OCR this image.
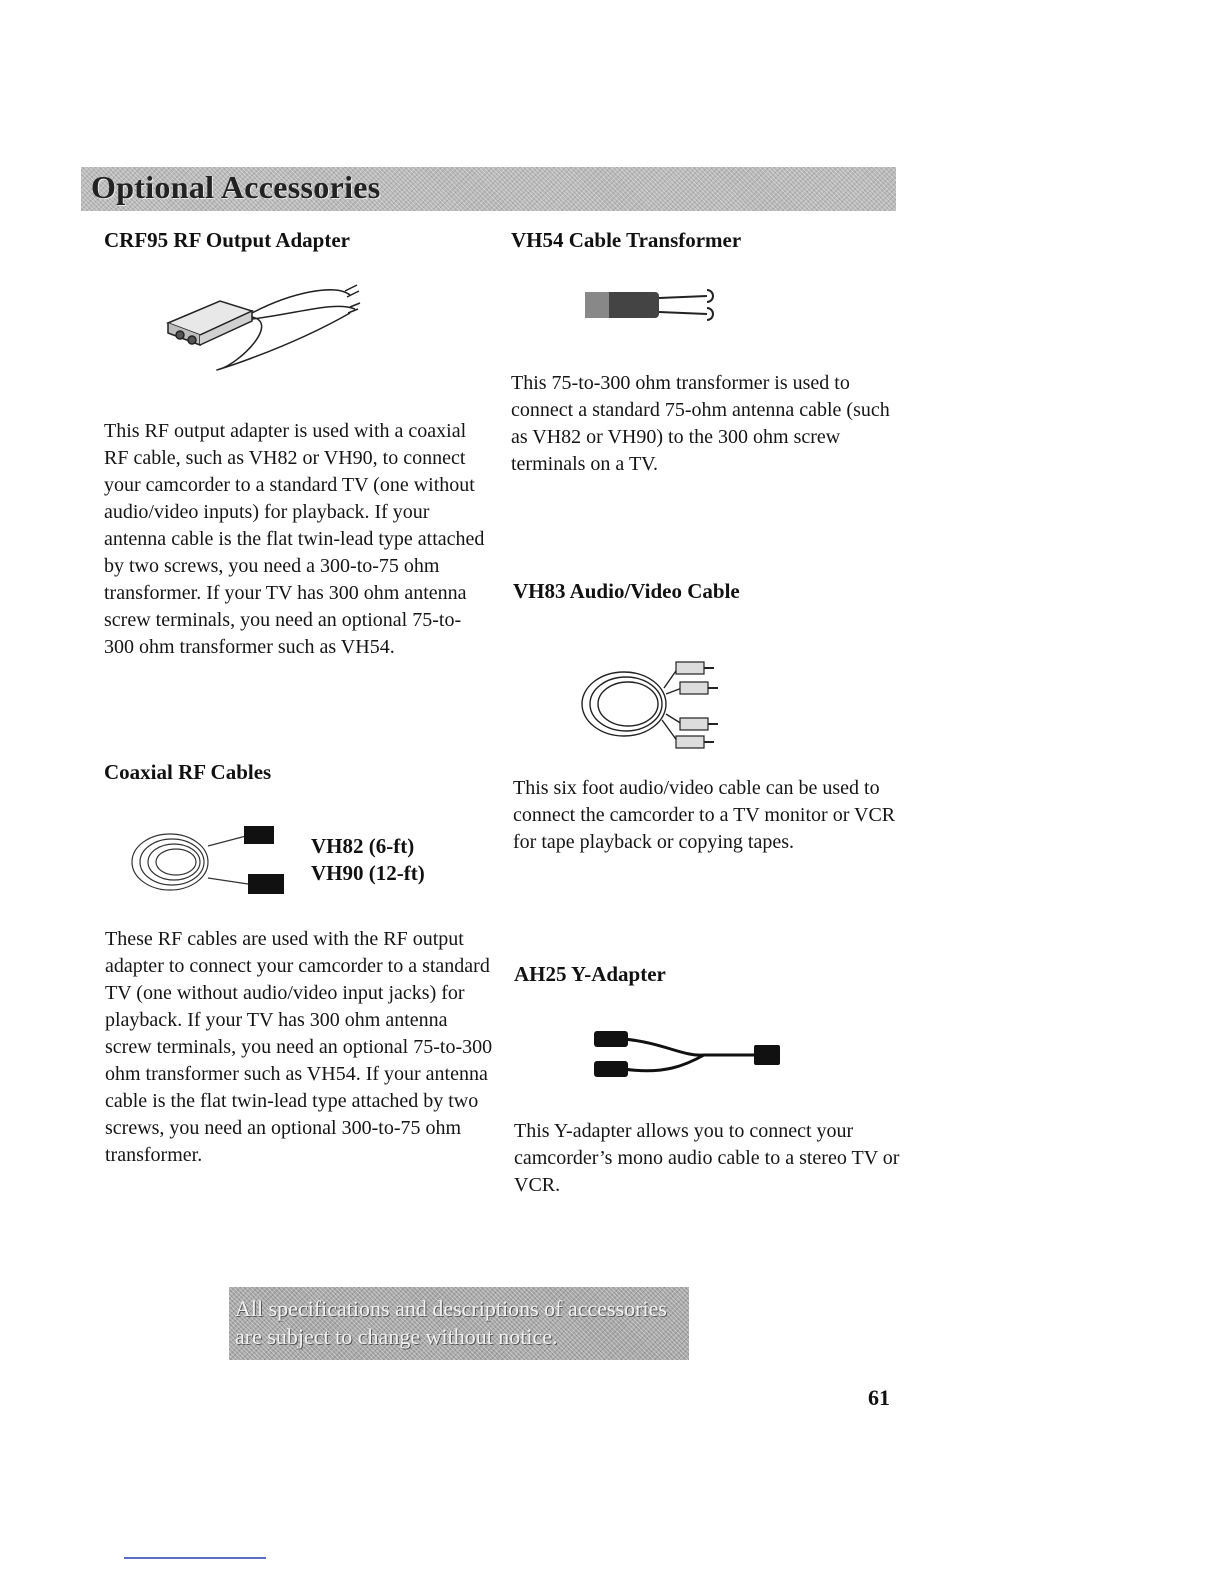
Optional Accessories
CRF95 RF Output Adapter

This RF output adapter is used with a coaxial RF cable, such as VH82 or VH90, to connect your camcorder to a standard TV (one without audio/video inputs) for playback. If your antenna cable is the flat twin-lead type attached by two screws, you need a 300-to-75 ohm transformer. If your TV has 300 ohm antenna screw terminals, you need an optional 75-to-300 ohm transformer such as VH54.

Coaxial RF Cables
VH82 (6-ft)
VH90 (12-ft)

These RF cables are used with the RF output adapter to connect your camcorder to a standard TV (one without audio/video input jacks) for playback. If your TV has 300 ohm antenna screw terminals, you need an optional 75-to-300 ohm transformer such as VH54. If your antenna cable is the flat twin-lead type attached by two screws, you need an optional 300-to-75 ohm transformer.

VH54 Cable Transformer

This 75-to-300 ohm transformer is used to connect a standard 75-ohm antenna cable (such as VH82 or VH90) to the 300 ohm screw terminals on a TV.

VH83 Audio/Video Cable

This six foot audio/video cable can be used to connect the camcorder to a TV monitor or VCR for tape playback or copying tapes.

AH25 Y-Adapter

This Y-adapter allows you to connect your camcorder’s mono audio cable to a stereo TV or VCR.

All specifications and descriptions of accessories
are subject to change without notice.
61
